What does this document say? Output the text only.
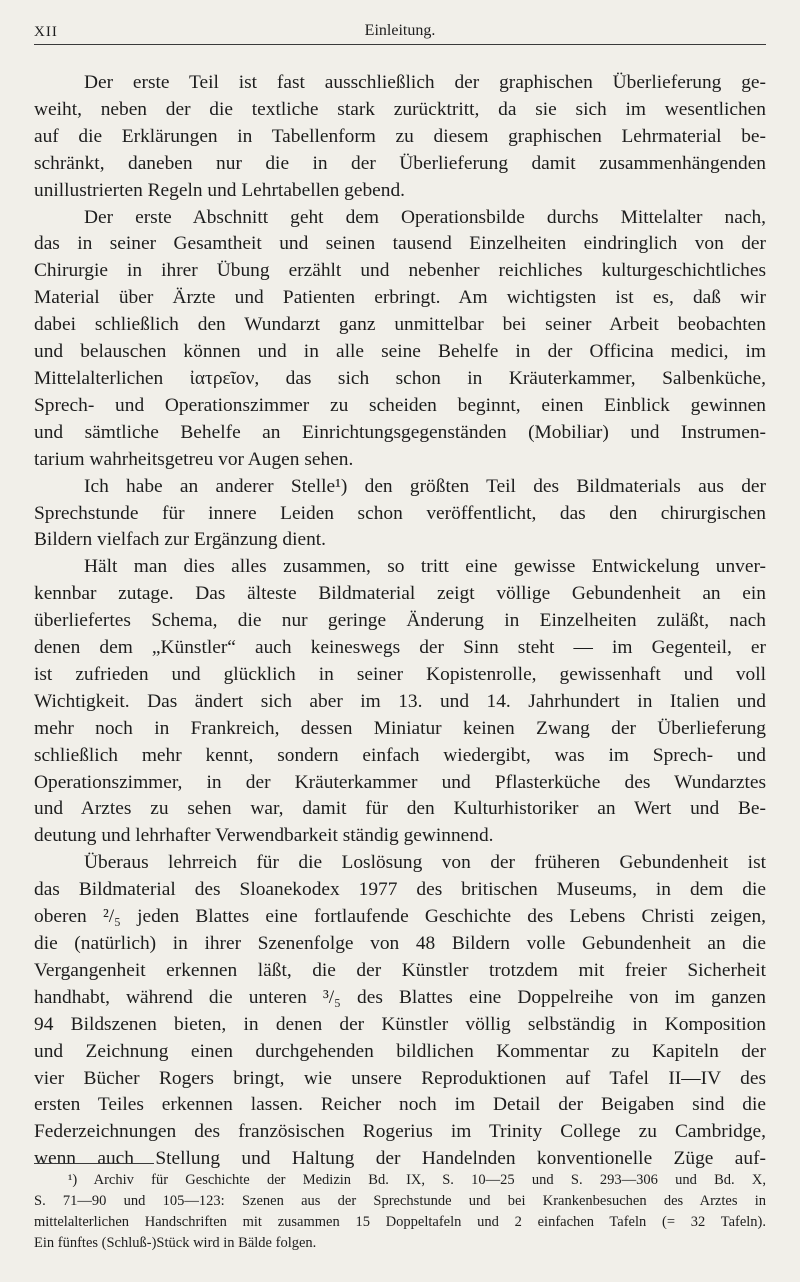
XII	Einleitung.

Der erste Teil ist fast ausschließlich der graphischen Überlieferung ge-
weiht, neben der die textliche stark zurücktritt, da sie sich im wesentlichen
auf die Erklärungen in Tabellenform zu diesem graphischen Lehrmaterial be-
schränkt, daneben nur die in der Überlieferung damit zusammenhängenden
unillustrierten Regeln und Lehrtabellen gebend.

Der erste Abschnitt geht dem Operationsbilde durchs Mittelalter nach,
das in seiner Gesamtheit und seinen tausend Einzelheiten eindringlich von der
Chirurgie in ihrer Übung erzählt und nebenher reichliches kulturgeschichtliches
Material über Ärzte und Patienten erbringt. Am wichtigsten ist es, daß wir
dabei schließlich den Wundarzt ganz unmittelbar bei seiner Arbeit beobachten
und belauschen können und in alle seine Behelfe in der Officina medici, im
Mittelalterlichen ἰατρεῖον, das sich schon in Kräuterkammer, Salbenküche,
Sprech- und Operationszimmer zu scheiden beginnt, einen Einblick gewinnen
und sämtliche Behelfe an Einrichtungsgegenständen (Mobiliar) und Instrumen-
tarium wahrheitsgetreu vor Augen sehen.

Ich habe an anderer Stelle¹) den größten Teil des Bildmaterials aus der
Sprechstunde für innere Leiden schon veröffentlicht, das den chirurgischen
Bildern vielfach zur Ergänzung dient.

Hält man dies alles zusammen, so tritt eine gewisse Entwickelung unver-
kennbar zutage. Das älteste Bildmaterial zeigt völlige Gebundenheit an ein
überliefertes Schema, die nur geringe Änderung in Einzelheiten zuläßt, nach
denen dem „Künstler“ auch keineswegs der Sinn steht — im Gegenteil, er
ist zufrieden und glücklich in seiner Kopistenrolle, gewissenhaft und voll
Wichtigkeit. Das ändert sich aber im 13. und 14. Jahrhundert in Italien und
mehr noch in Frankreich, dessen Miniatur keinen Zwang der Überlieferung
schließlich mehr kennt, sondern einfach wiedergibt, was im Sprech- und
Operationszimmer, in der Kräuterkammer und Pflasterküche des Wundarztes
und Arztes zu sehen war, damit für den Kulturhistoriker an Wert und Be-
deutung und lehrhafter Verwendbarkeit ständig gewinnend.

Überaus lehrreich für die Loslösung von der früheren Gebundenheit ist
das Bildmaterial des Sloanekodex 1977 des britischen Museums, in dem die
oberen ²/₅ jeden Blattes eine fortlaufende Geschichte des Lebens Christi zeigen,
die (natürlich) in ihrer Szenenfolge von 48 Bildern volle Gebundenheit an die
Vergangenheit erkennen läßt, die der Künstler trotzdem mit freier Sicherheit
handhabt, während die unteren ³/₅ des Blattes eine Doppelreihe von im ganzen
94 Bildszenen bieten, in denen der Künstler völlig selbständig in Komposition
und Zeichnung einen durchgehenden bildlichen Kommentar zu Kapiteln der
vier Bücher Rogers bringt, wie unsere Reproduktionen auf Tafel II—IV des
ersten Teiles erkennen lassen. Reicher noch im Detail der Beigaben sind die
Federzeichnungen des französischen Rogerius im Trinity College zu Cambridge,
wenn auch Stellung und Haltung der Handelnden konventionelle Züge auf-

¹) Archiv für Geschichte der Medizin Bd. IX, S. 10—25 und S. 293—306 und Bd. X,
S. 71—90 und 105—123: Szenen aus der Sprechstunde und bei Krankenbesuchen des Arztes in
mittelalterlichen Handschriften mit zusammen 15 Doppeltafeln und 2 einfachen Tafeln (= 32 Tafeln).
Ein fünftes (Schluß-)Stück wird in Bälde folgen.
